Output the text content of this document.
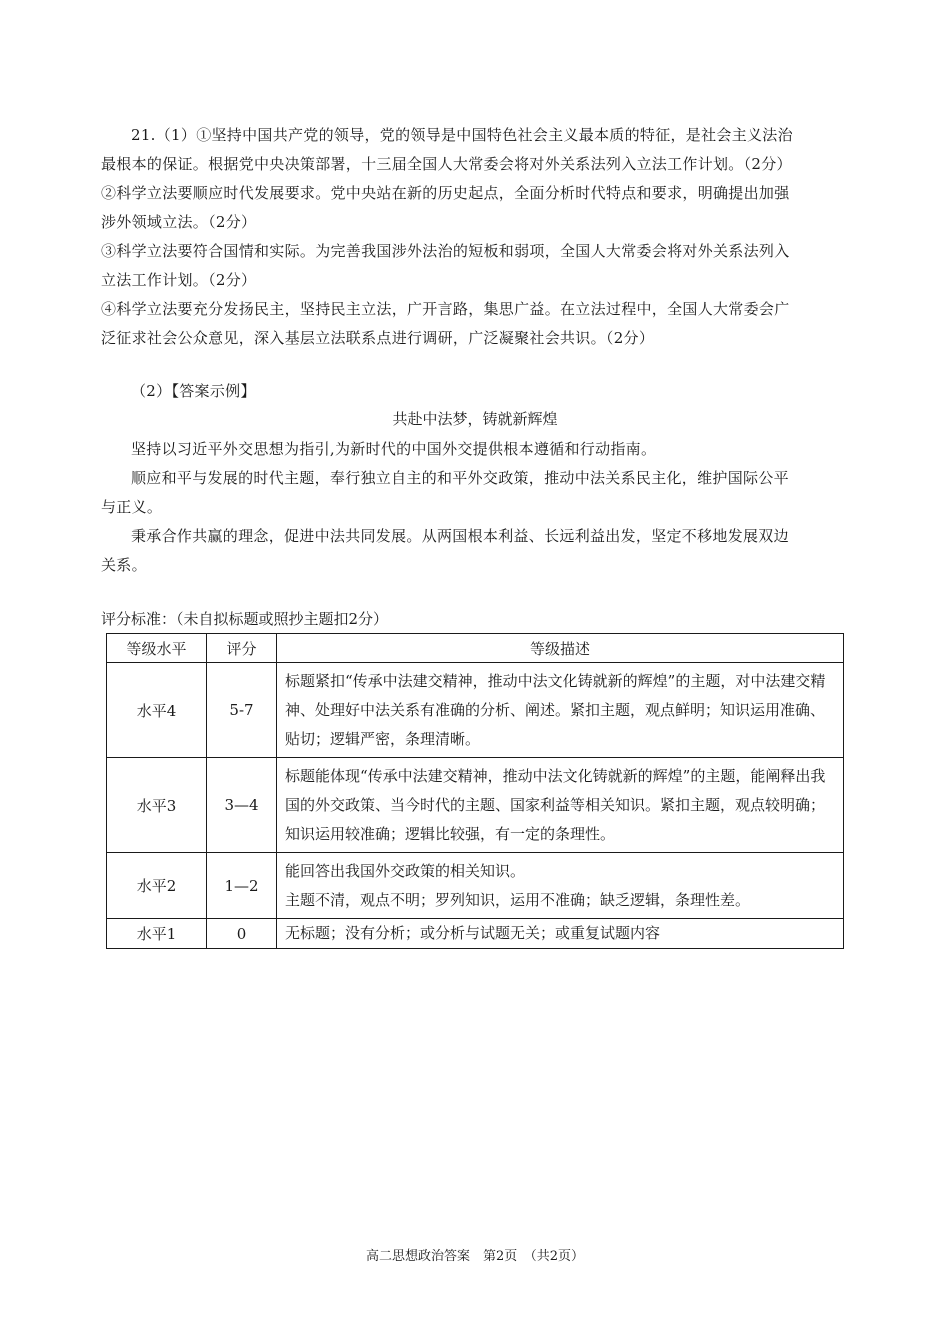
21.（1）①坚持中国共产党的领导，党的领导是中国特色社会主义最本质的特征，是社会主义法治
最根本的保证。根据党中央决策部署，十三届全国人大常委会将对外关系法列入立法工作计划。（2分）
②科学立法要顺应时代发展要求。党中央站在新的历史起点，全面分析时代特点和要求，明确提出加强
涉外领域立法。（2分）
③科学立法要符合国情和实际。为完善我国涉外法治的短板和弱项，全国人大常委会将对外关系法列入
立法工作计划。（2分）
④科学立法要充分发扬民主，坚持民主立法，广开言路，集思广益。在立法过程中，全国人大常委会广
泛征求社会公众意见，深入基层立法联系点进行调研，广泛凝聚社会共识。（2分）
（2）【答案示例】
共赴中法梦，铸就新辉煌
坚持以习近平外交思想为指引,为新时代的中国外交提供根本遵循和行动指南。
顺应和平与发展的时代主题，奉行独立自主的和平外交政策，推动中法关系民主化，维护国际公平
与正义。
秉承合作共赢的理念，促进中法共同发展。从两国根本利益、长远利益出发，坚定不移地发展双边
关系。
评分标准：（未自拟标题或照抄主题扣2分）
等级水平	评分	等级描述
水平4	5-7	标题紧扣“传承中法建交精神，推动中法文化铸就新的辉煌”的主题，对中法建交精神、处理好中法关系有准确的分析、阐述。紧扣主题，观点鲜明；知识运用准确、贴切；逻辑严密，条理清晰。
水平3	3—4	标题能体现“传承中法建交精神，推动中法文化铸就新的辉煌”的主题，能阐释出我国的外交政策、当今时代的主题、国家利益等相关知识。紧扣主题，观点较明确；知识运用较准确；逻辑比较强，有一定的条理性。
水平2	1—2	能回答出我国外交政策的相关知识。
主题不清，观点不明；罗列知识，运用不准确；缺乏逻辑，条理性差。

水平1	0	无标题；没有分析；或分析与试题无关；或重复试题内容
高二思想政治答案　第2页　（共2页）
